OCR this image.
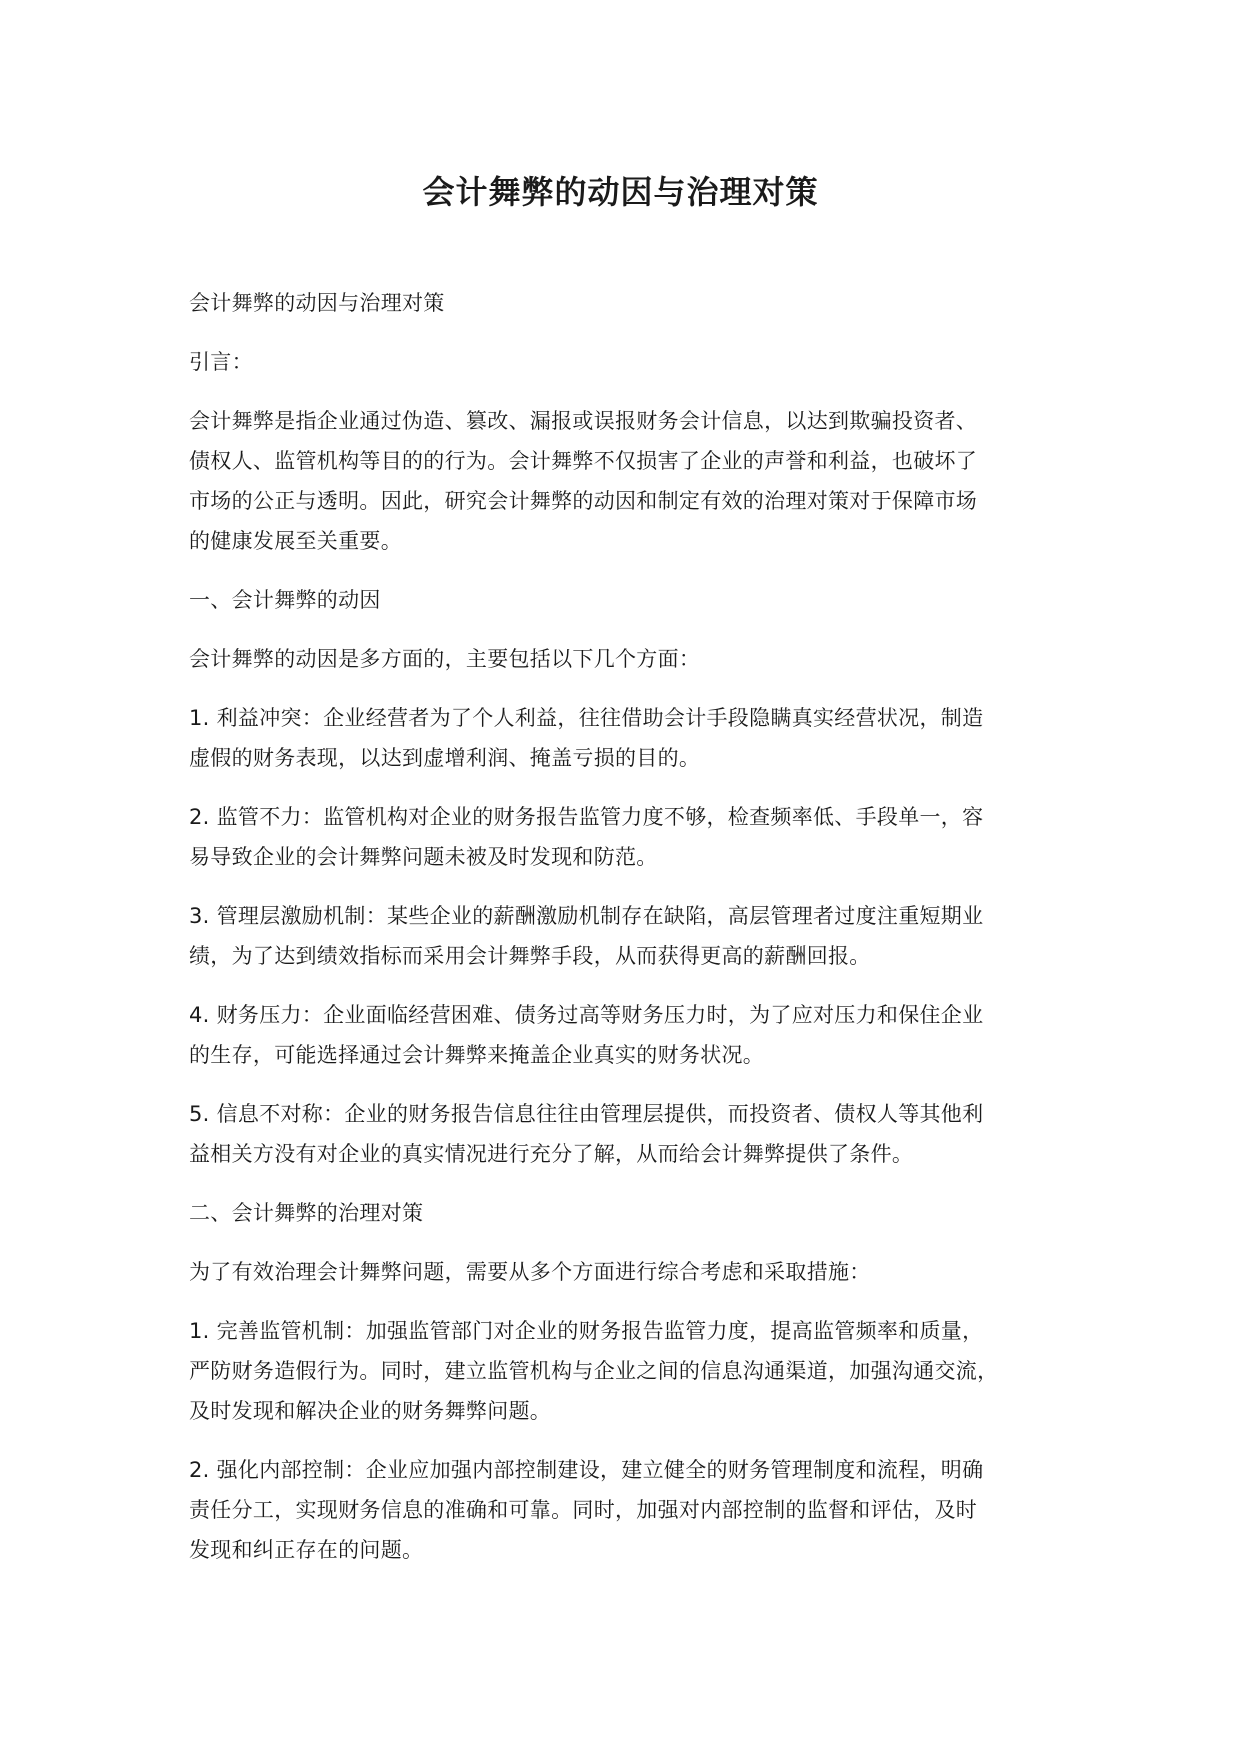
会计舞弊的动因与治理对策

会计舞弊的动因与治理对策

引言：

会计舞弊是指企业通过伪造、篡改、漏报或误报财务会计信息，以达到欺骗投资者、
债权人、监管机构等目的的行为。会计舞弊不仅损害了企业的声誉和利益，也破坏了
市场的公正与透明。因此，研究会计舞弊的动因和制定有效的治理对策对于保障市场
的健康发展至关重要。

一、会计舞弊的动因

会计舞弊的动因是多方面的，主要包括以下几个方面：

1. 利益冲突：企业经营者为了个人利益，往往借助会计手段隐瞒真实经营状况，制造
虚假的财务表现，以达到虚增利润、掩盖亏损的目的。

2. 监管不力：监管机构对企业的财务报告监管力度不够，检查频率低、手段单一，容
易导致企业的会计舞弊问题未被及时发现和防范。

3. 管理层激励机制：某些企业的薪酬激励机制存在缺陷，高层管理者过度注重短期业
绩，为了达到绩效指标而采用会计舞弊手段，从而获得更高的薪酬回报。

4. 财务压力：企业面临经营困难、债务过高等财务压力时，为了应对压力和保住企业
的生存，可能选择通过会计舞弊来掩盖企业真实的财务状况。

5. 信息不对称：企业的财务报告信息往往由管理层提供，而投资者、债权人等其他利
益相关方没有对企业的真实情况进行充分了解，从而给会计舞弊提供了条件。

二、会计舞弊的治理对策

为了有效治理会计舞弊问题，需要从多个方面进行综合考虑和采取措施：

1. 完善监管机制：加强监管部门对企业的财务报告监管力度，提高监管频率和质量，
严防财务造假行为。同时，建立监管机构与企业之间的信息沟通渠道，加强沟通交流，
及时发现和解决企业的财务舞弊问题。

2. 强化内部控制：企业应加强内部控制建设，建立健全的财务管理制度和流程，明确
责任分工，实现财务信息的准确和可靠。同时，加强对内部控制的监督和评估，及时
发现和纠正存在的问题。
